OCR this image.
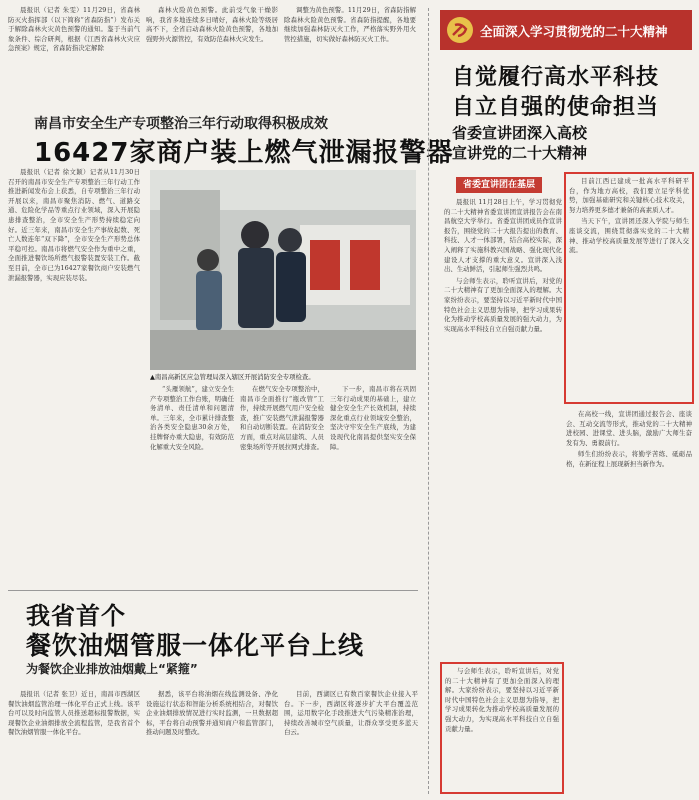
晨报讯（记者 朱雯）11月29日，省森林防灭火指挥部（以下简称“省森防指”）发布关于解除森林火灾黄色预警的通知。鉴于当前气象条件、综合研判，根据《江西省森林火灾应急预案》规定，省森防指决定解除

森林火险黄色预警。此前受气象干燥影响，我省多地连续多日晴好，森林火险等级居高不下，全省启动森林火险黄色预警，各地加强野外火源管控，有效防范森林火灾发生。

调整为黄色预警。11月29日，省森防指解除森林火险黄色预警。省森防指提醒，各地要继续加强森林防灭火工作，严格落实野外用火管控措施，切实做好森林防灭火工作。

南昌市安全生产专项整治三年行动取得积极成效
16427家商户装上燃气泄漏报警器

晨报讯（记者 徐文颖）记者从11月30日召开的南昌市安全生产专项整治三年行动工作推进新闻发布会上获悉，自专项整治三年行动开展以来，南昌市聚焦消防、燃气、道路交通、危险化学品等重点行业领域，深入开展隐患排查整治，全市安全生产形势持续稳定向好。近三年来，南昌市安全生产事故起数、死亡人数连年“双下降”，全市安全生产形势总体平稳可控。南昌市将燃气安全作为重中之重，全面推进餐饮场所燃气报警装置安装工作。截至目前，全市已为16427家餐饮商户安装燃气泄漏报警器，实现应装尽装。

▲南昌高新区应急管理局深入辖区开展消防安全专项检查。

“头雁领航”，建立安全生产专项整治工作台账，明确任务清单、责任清单和问题清单。三年来，全市累计排查整治各类安全隐患30余万处，挂牌督办重大隐患，有效防范化解重大安全风险。

在燃气安全专项整治中，南昌市全面推行“瓶改管”工作，持续开展燃气用户安全检查，推广安装燃气泄漏报警器和自动切断装置。在消防安全方面，重点对高层建筑、人员密集场所等开展拉网式排查。

下一步，南昌市将在巩固三年行动成果的基础上，建立健全安全生产长效机制，持续深化重点行业领域安全整治，坚决守牢安全生产底线，为建设现代化南昌提供坚实安全保障。

我省首个
餐饮油烟管服一体化平台上线
为餐饮企业排放油烟戴上“紧箍”

晨报讯（记者 张卫）近日，南昌市西湖区餐饮油烟监管治理一体化平台正式上线。该平台可以及时向监管人员推送超标报警数据，实现餐饮企业油烟排放全流程监管，是我省首个餐饮油烟管服一体化平台。

据悉，该平台将油烟在线监测设备、净化设施运行状态和智能分析系统相结合，对餐饮企业油烟排放情况进行实时监测，一旦数据超标，平台将自动预警并通知商户和监管部门，推动问题及时整改。

目前，西湖区已有数百家餐饮企业接入平台。下一步，西湖区将逐步扩大平台覆盖范围，运用数字化手段推进大气污染精准治理，持续改善城市空气质量，让群众享受更多蓝天白云。

全面深入学习贯彻党的二十大精神
自觉履行高水平科技
自立自强的使命担当
省委宣讲团深入高校
宣讲党的二十大精神
省委宣讲团在基层

晨报讯 11月28日上午，学习贯彻党的二十大精神省委宣讲团宣讲报告会在南昌航空大学举行。省委宣讲团成员作宣讲报告，围绕党的二十大报告提出的教育、科技、人才一体部署，结合高校实际，深入阐释了实施科教兴国战略、强化现代化建设人才支撑的重大意义。宣讲深入浅出、生动鲜活，引起师生强烈共鸣。

与会师生表示，聆听宣讲后，对党的二十大精神有了更加全面深入的理解。大家纷纷表示，要坚持以习近平新时代中国特色社会主义思想为指导，把学习成果转化为推动学校高质量发展的强大动力，为实现高水平科技自立自强贡献力量。

目前江西已建成一批高水平科研平台，作为地方高校，我们要立足学科优势，加强基础研究和关键核心技术攻关，努力培养更多德才兼备的高素质人才。

当天下午，宣讲团还深入学院与师生座谈交流，围绕贯彻落实党的二十大精神、推动学校高质量发展等进行了深入交流。

在高校一线，宣讲团通过报告会、座谈会、互动交流等形式，推动党的二十大精神进校园、进课堂、进头脑，激励广大师生奋发有为、勇毅前行。

师生们纷纷表示，将勤学苦练、砥砺品格，在新征程上展现新担当新作为。

与会师生表示，聆听宣讲后，对党的二十大精神有了更加全面深入的理解。大家纷纷表示，要坚持以习近平新时代中国特色社会主义思想为指导，把学习成果转化为推动学校高质量发展的强大动力，为实现高水平科技自立自强贡献力量。
